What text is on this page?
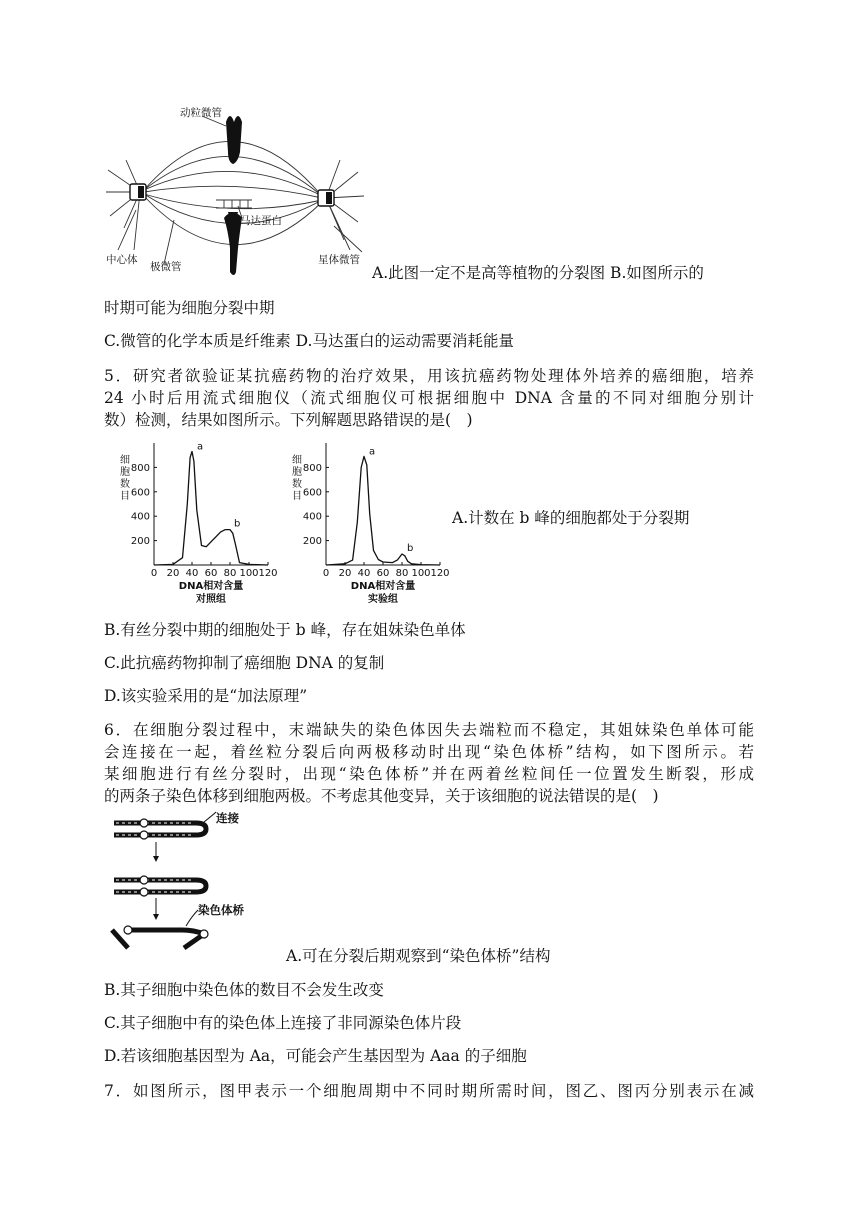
动粒微管
马达蛋白
中心体
极微管
星体微管
A.此图一定不是高等植物的分裂图 B.如图所示的
时期可能为细胞分裂中期
C.微管的化学本质是纤维素 D.马达蛋白的运动需要消耗能量
5．研究者欲验证某抗癌药物的治疗效果，用该抗癌药物处理体外培养的癌细胞，培养
24 小时后用流式细胞仪（流式细胞仪可根据细胞中 DNA 含量的不同对细胞分别计
数）检测，结果如图所示。下列解题思路错误的是(　)
0 20 40 60 80 100 120
200
400
600
800
a
b
细胞数目
DNA相对含量
对照组
0 20 40 60 80 100 120
200
400
600
800
a
b
细胞数目
DNA相对含量
实验组
A.计数在 b 峰的细胞都处于分裂期
B.有丝分裂中期的细胞处于 b 峰，存在姐妹染色单体
C.此抗癌药物抑制了癌细胞 DNA 的复制
D.该实验采用的是“加法原理”
6．在细胞分裂过程中，末端缺失的染色体因失去端粒而不稳定，其姐妹染色单体可能
会连接在一起，着丝粒分裂后向两极移动时出现“染色体桥”结构，如下图所示。若
某细胞进行有丝分裂时，出现“染色体桥”并在两着丝粒间任一位置发生断裂，形成
的两条子染色体移到细胞两极。不考虑其他变异，关于该细胞的说法错误的是(　)
连接
染色体桥
A.可在分裂后期观察到“染色体桥”结构
B.其子细胞中染色体的数目不会发生改变
C.其子细胞中有的染色体上连接了非同源染色体片段
D.若该细胞基因型为 Aa，可能会产生基因型为 Aaa 的子细胞
7．如图所示，图甲表示一个细胞周期中不同时期所需时间，图乙、图丙分别表示在减
